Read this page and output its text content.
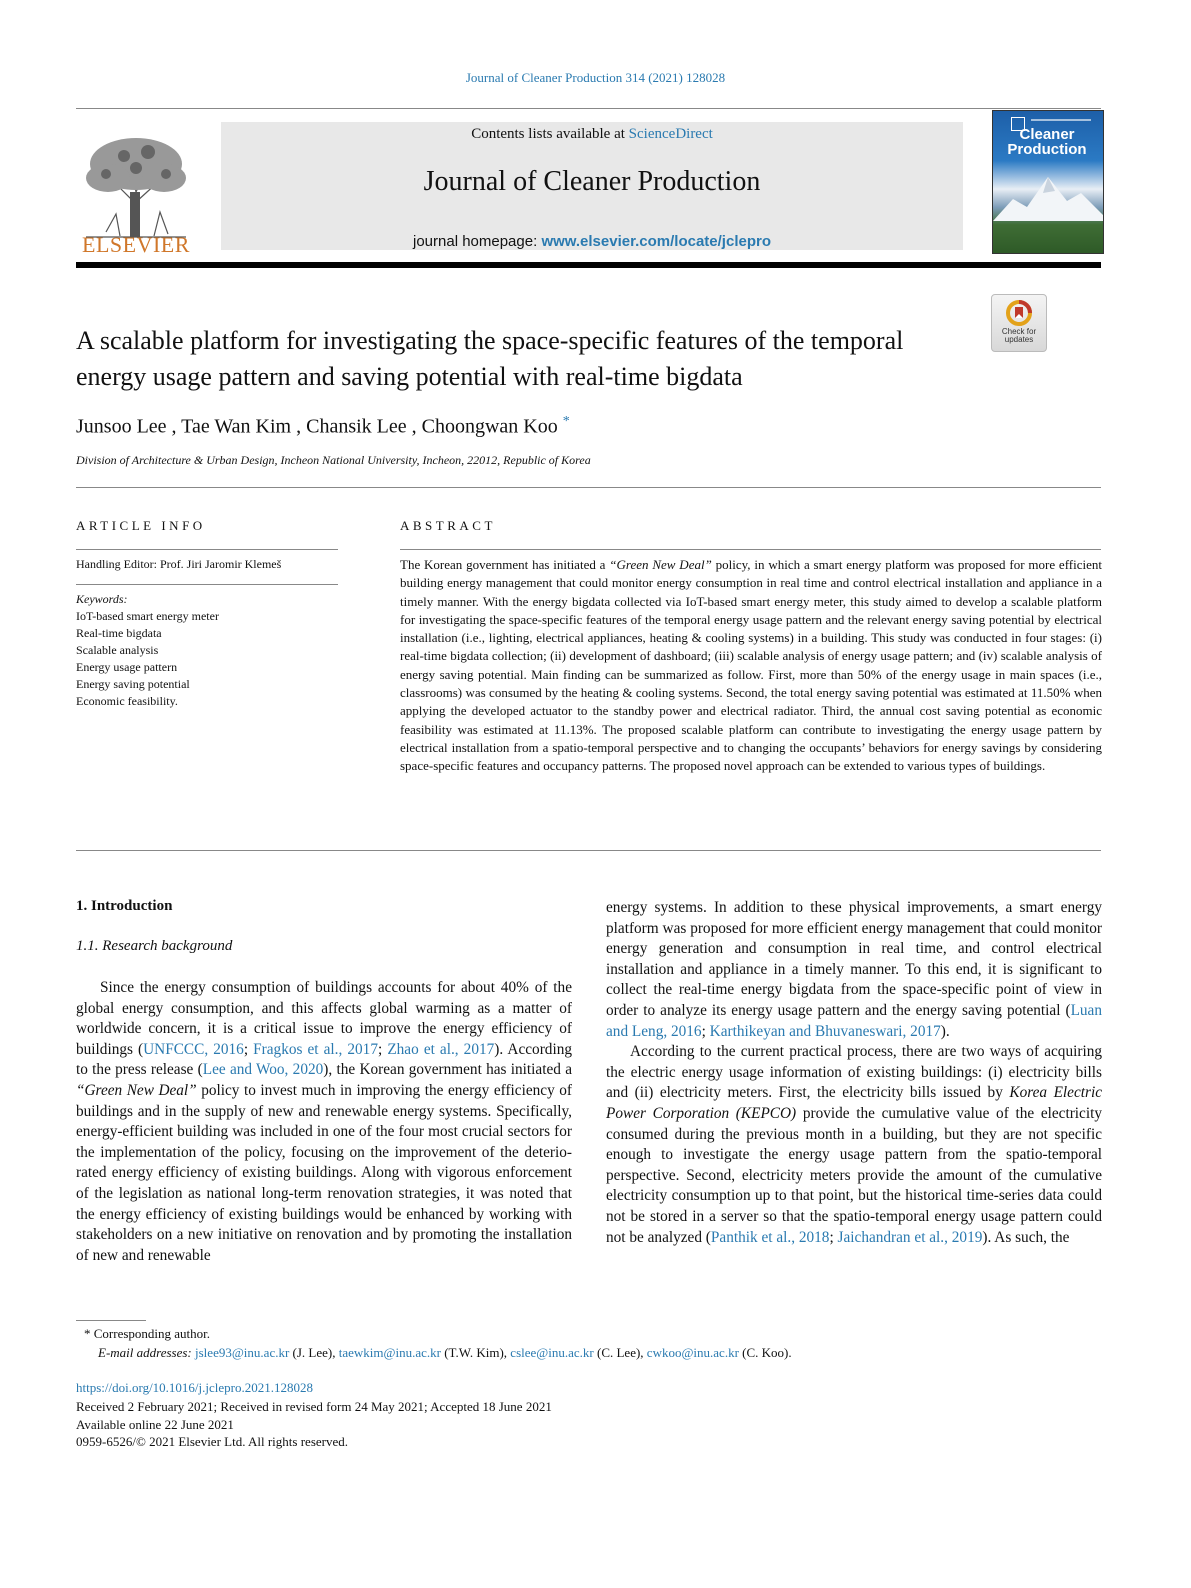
Journal of Cleaner Production 314 (2021) 128028
ELSEVIER
Contents lists available at ScienceDirect
Journal of Cleaner Production
journal homepage: www.elsevier.com/locate/jclepro
Cleaner
Production
Check for
updates
A scalable platform for investigating the space-specific features of the temporal energy usage pattern and saving potential with real-time bigdata
Junsoo Lee , Tae Wan Kim , Chansik Lee , Choongwan Koo *
Division of Architecture & Urban Design, Incheon National University, Incheon, 22012, Republic of Korea
ARTICLE INFO
Handling Editor: Prof. Jiri Jaromir Klemeš
Keywords:
IoT-based smart energy meter
Real-time bigdata
Scalable analysis
Energy usage pattern
Energy saving potential
Economic feasibility.
ABSTRACT
The Korean government has initiated a “Green New Deal” policy, in which a smart energy platform was proposed for more efficient building energy management that could monitor energy consumption in real time and control electrical installation and appliance in a timely manner. With the energy bigdata collected via IoT-based smart energy meter, this study aimed to develop a scalable platform for investigating the space-specific features of the temporal energy usage pattern and the relevant energy saving potential by electrical installation (i.e., lighting, electrical appliances, heating & cooling systems) in a building. This study was conducted in four stages: (i) real-time bigdata collection; (ii) development of dashboard; (iii) scalable analysis of energy usage pattern; and (iv) scalable analysis of energy saving potential. Main finding can be summarized as follow. First, more than 50% of the energy usage in main spaces (i.e., classrooms) was consumed by the heating & cooling systems. Second, the total energy saving potential was estimated at 11.50% when applying the developed actuator to the standby power and electrical radiator. Third, the annual cost saving potential as economic feasibility was estimated at 11.13%. The proposed scalable platform can contribute to investigating the energy usage pattern by electrical installation from a spatio-temporal perspective and to changing the occupants’ behaviors for energy savings by considering space-specific features and occupancy patterns. The proposed novel approach can be extended to various types of buildings.
1. Introduction
1.1. Research background

Since the energy consumption of buildings accounts for about 40% of the global energy consumption, and this affects global warming as a matter of worldwide concern, it is a critical issue to improve the energy efficiency of buildings (UNFCCC, 2016; Fragkos et al., 2017; Zhao et al., 2017). According to the press release (Lee and Woo, 2020), the Korean government has initiated a “Green New Deal” policy to invest much in improving the energy efficiency of buildings and in the supply of new and renewable energy systems. Specifically, energy-efficient building was included in one of the four most crucial sectors for the implementation of the policy, focusing on the improvement of the deteriorated energy efficiency of existing buildings. Along with vigorous enforcement of the legislation as national long-term renovation strategies, it was noted that the energy efficiency of existing buildings would be enhanced by working with stakeholders on a new initiative on renovation and by promoting the installation of new and renewable

energy systems. In addition to these physical improvements, a smart energy platform was proposed for more efficient energy management that could monitor energy generation and consumption in real time, and control electrical installation and appliance in a timely manner. To this end, it is significant to collect the real-time energy bigdata from the space-specific point of view in order to analyze its energy usage pattern and the energy saving potential (Luan and Leng, 2016; Karthikeyan and Bhuvaneswari, 2017).

According to the current practical process, there are two ways of acquiring the electric energy usage information of existing buildings: (i) electricity bills and (ii) electricity meters. First, the electricity bills issued by Korea Electric Power Corporation (KEPCO) provide the cumulative value of the electricity consumed during the previous month in a building, but they are not specific enough to investigate the energy usage pattern from the spatio-temporal perspective. Second, electricity meters provide the amount of the cumulative electricity consumption up to that point, but the historical time-series data could not be stored in a server so that the spatio-temporal energy usage pattern could not be analyzed (Panthik et al., 2018; Jaichandran et al., 2019). As such, the

* Corresponding author.
E-mail addresses: jslee93@inu.ac.kr (J. Lee), taewkim@inu.ac.kr (T.W. Kim), cslee@inu.ac.kr (C. Lee), cwkoo@inu.ac.kr (C. Koo).
https://doi.org/10.1016/j.jclepro.2021.128028
Received 2 February 2021; Received in revised form 24 May 2021; Accepted 18 June 2021
Available online 22 June 2021
0959-6526/© 2021 Elsevier Ltd. All rights reserved.
